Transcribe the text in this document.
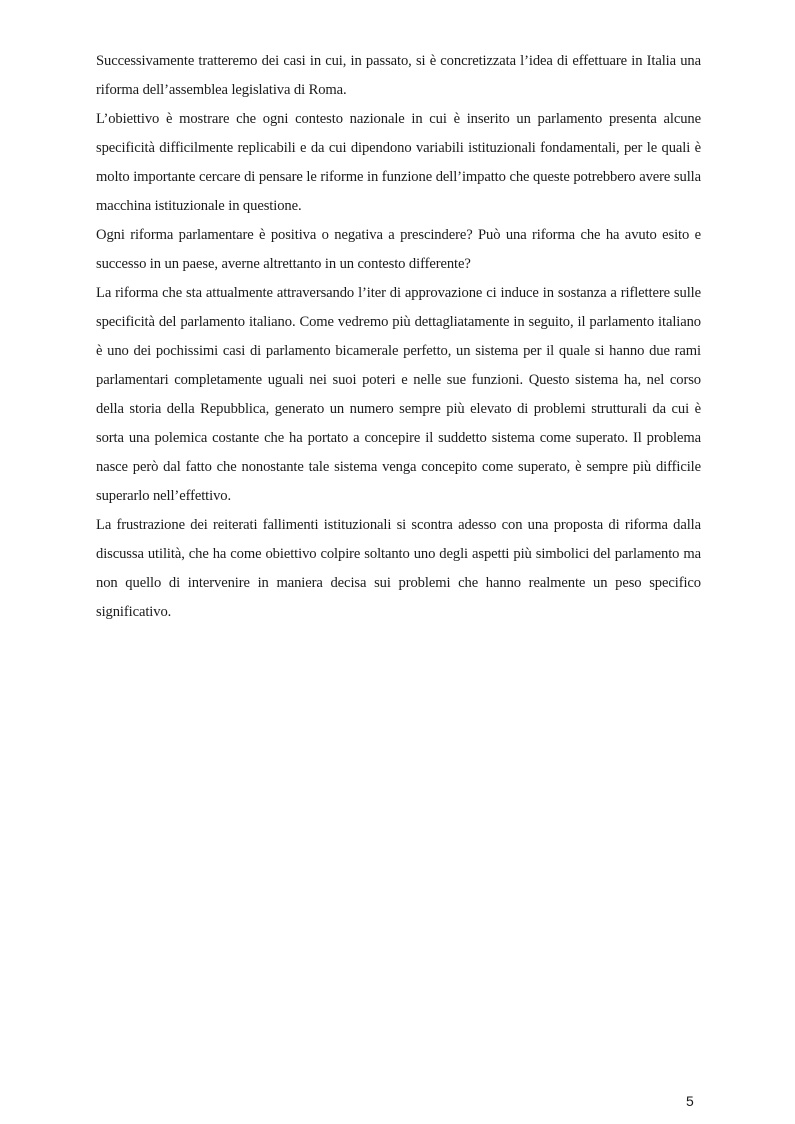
Successivamente tratteremo dei casi in cui, in passato, si è concretizzata l’idea di effettuare in Italia una riforma dell’assemblea legislativa di Roma.

L’obiettivo è mostrare che ogni contesto nazionale in cui è inserito un parlamento presenta alcune specificità difficilmente replicabili e da cui dipendono variabili istituzionali fondamentali, per le quali è molto importante cercare di pensare le riforme in funzione dell’impatto che queste potrebbero avere sulla macchina istituzionale in questione.

Ogni riforma parlamentare è positiva o negativa a prescindere? Può una riforma che ha avuto esito e successo in un paese, averne altrettanto in un contesto differente?

La riforma che sta attualmente attraversando l’iter di approvazione ci induce in sostanza a riflettere sulle specificità del parlamento italiano. Come vedremo più dettagliatamente in seguito, il parlamento italiano è uno dei pochissimi casi di parlamento bicamerale perfetto, un sistema per il quale si hanno due rami parlamentari completamente uguali nei suoi poteri e nelle sue funzioni. Questo sistema ha, nel corso della storia della Repubblica, generato un numero sempre più elevato di problemi strutturali da cui è sorta una polemica costante che ha portato a concepire il suddetto sistema come superato. Il problema nasce però dal fatto che nonostante tale sistema venga concepito come superato, è sempre più difficile superarlo nell’effettivo.

La frustrazione dei reiterati fallimenti istituzionali si scontra adesso con una proposta di riforma dalla discussa utilità, che ha come obiettivo colpire soltanto uno degli aspetti più simbolici del parlamento ma non quello di intervenire in maniera decisa sui problemi che hanno realmente un peso specifico significativo.

5
